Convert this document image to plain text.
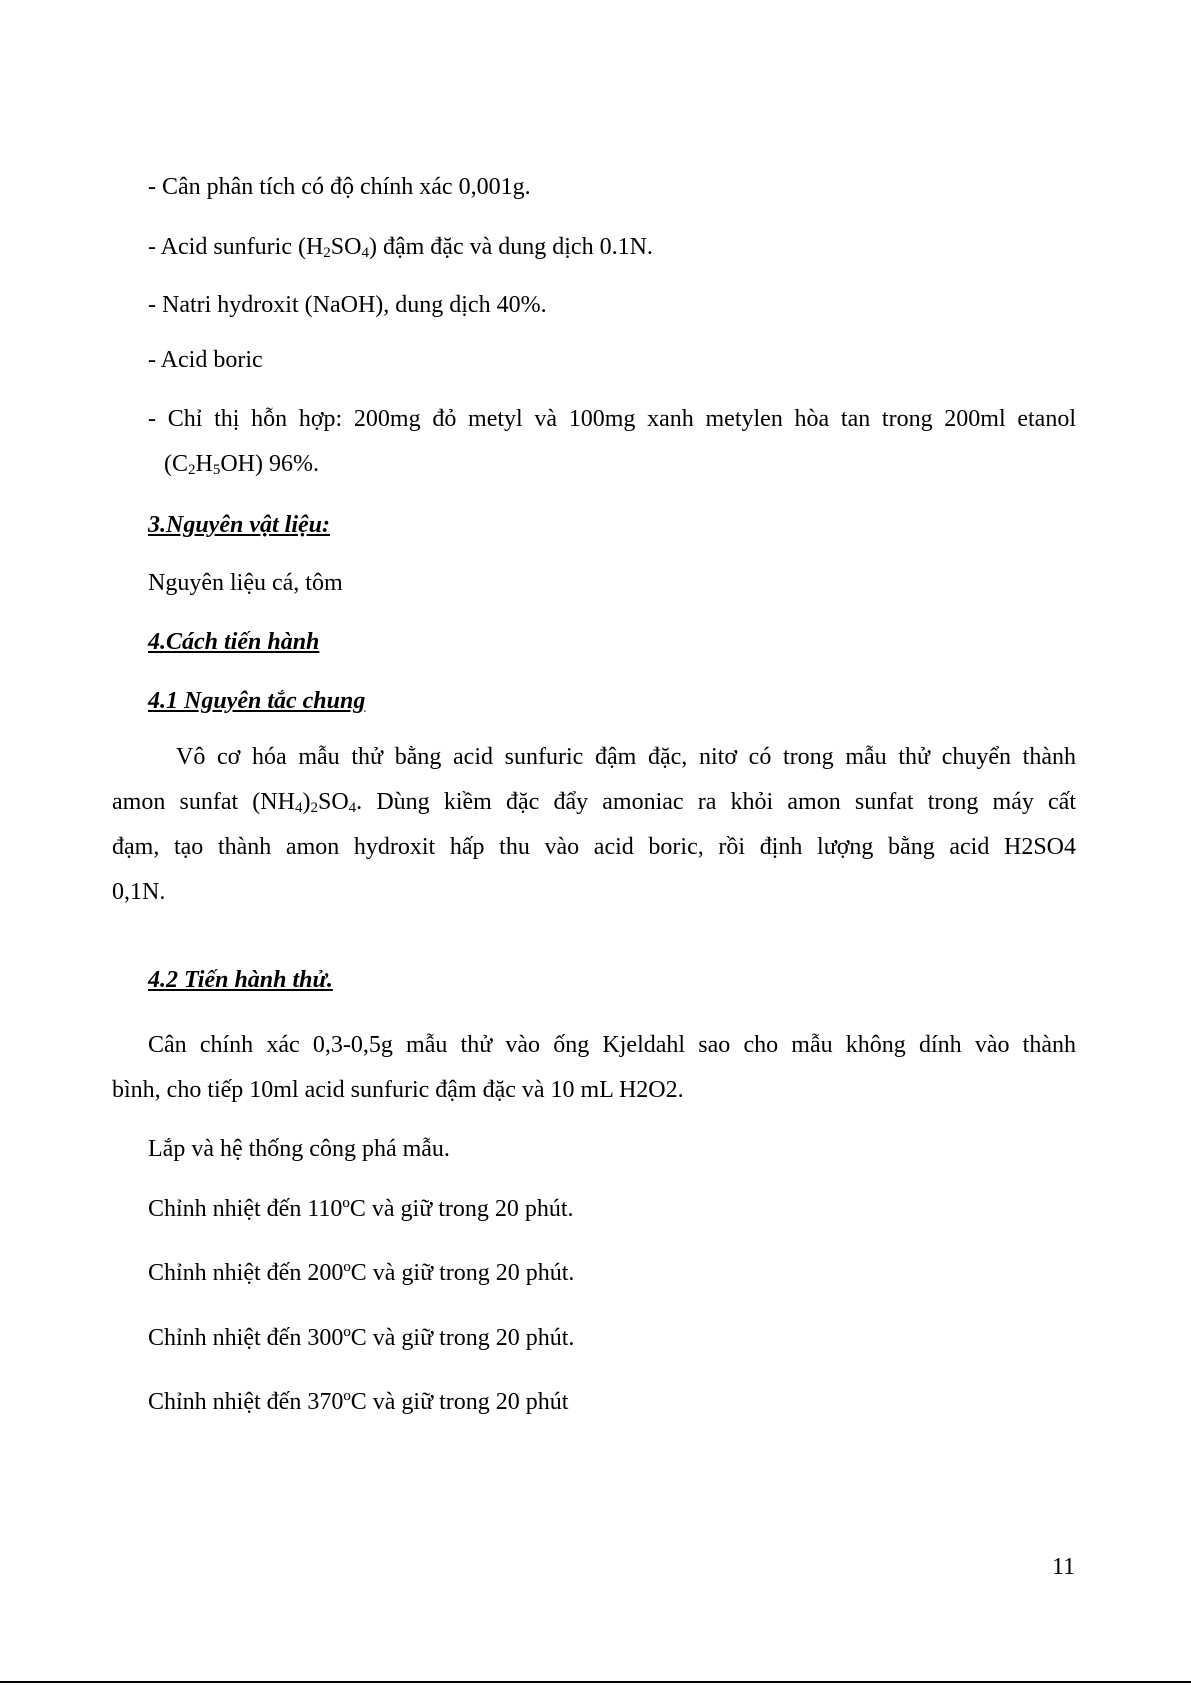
- Cân phân tích có độ chính xác 0,001g.
- Acid sunfuric $(H_2SO_4)$ đậm đặc và dung dịch 0.1N.
- Natri hydroxit (NaOH), dung dịch 40%.
- Acid boric
- Chỉ thị hỗn hợp: 200mg đỏ metyl và 100mg xanh metylen hòa tan trong 200ml etanol
$(C_2H_5OH)$ 96%.
3.Nguyên vật liệu:
Nguyên liệu cá, tôm
4.Cách tiến hành
4.1 Nguyên tắc chung
Vô cơ hóa mẫu thử bằng acid sunfuric đậm đặc, nitơ có trong mẫu thử chuyển thành
amon sunfat $(NH_4)_2SO_4$. Dùng kiềm đặc đẩy amoniac ra khỏi amon sunfat trong máy cất
đạm, tạo thành amon hydroxit hấp thu vào acid boric, rồi định lượng bằng acid H2SO4
0,1N.
4.2 Tiến hành thử.
Cân chính xác 0,3-0,5g mẫu thử vào ống Kjeldahl sao cho mẫu không dính vào thành
bình, cho tiếp 10ml acid sunfuric đậm đặc và 10 mL H2O2.
Lắp và hệ thống công phá mẫu.
Chỉnh nhiệt đến 110ºC và giữ trong 20 phút.
Chỉnh nhiệt đến 200ºC và giữ trong 20 phút.
Chỉnh nhiệt đến 300ºC và giữ trong 20 phút.
Chỉnh nhiệt đến 370ºC và giữ trong 20 phút
11
